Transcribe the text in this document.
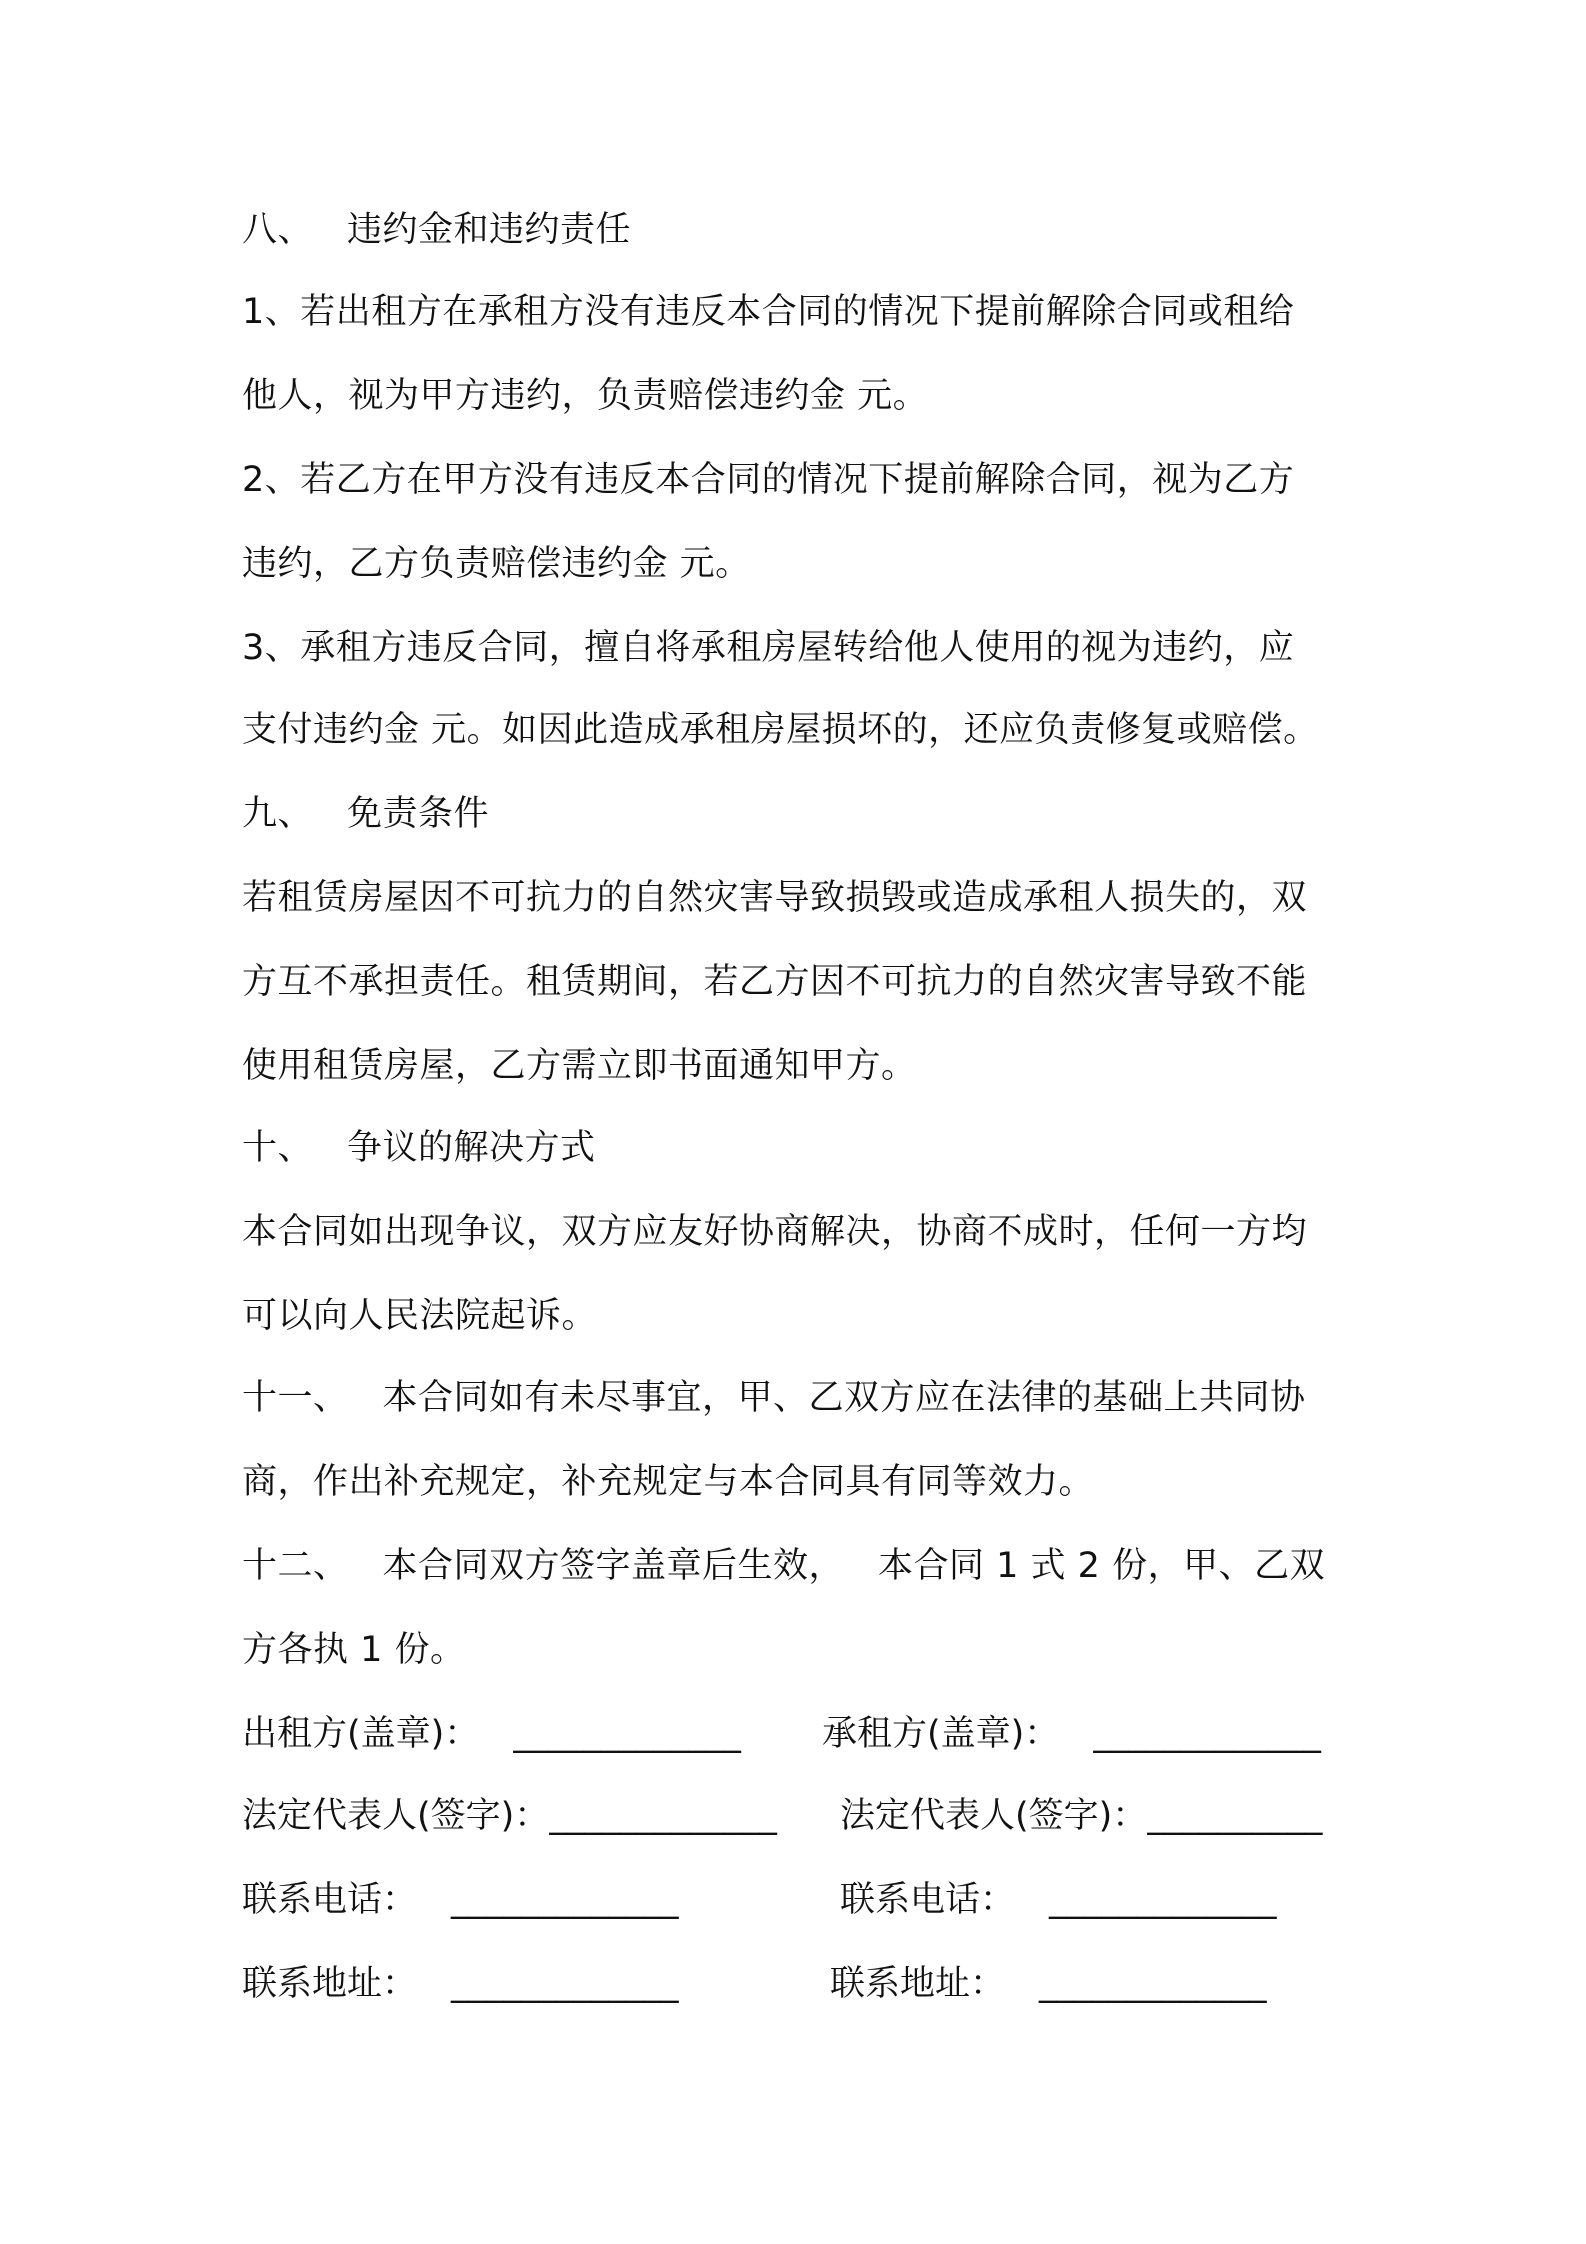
八、 违约金和违约责任
1、若出租方在承租方没有违反本合同的情况下提前解除合同或租给
他人，视为甲方违约，负责赔偿违约金 元。
2、若乙方在甲方没有违反本合同的情况下提前解除合同，视为乙方
违约，乙方负责赔偿违约金 元。
3、承租方违反合同，擅自将承租房屋转给他人使用的视为违约，应
支付违约金 元。如因此造成承租房屋损坏的，还应负责修复或赔偿。
九、 免责条件
若租赁房屋因不可抗力的自然灾害导致损毁或造成承租人损失的，双
方互不承担责任。租赁期间，若乙方因不可抗力的自然灾害导致不能
使用租赁房屋，乙方需立即书面通知甲方。
十、 争议的解决方式
本合同如出现争议，双方应友好协商解决，协商不成时，任何一方均
可以向人民法院起诉。
十一、 本合同如有未尽事宜，甲、乙双方应在法律的基础上共同协
商，作出补充规定，补充规定与本合同具有同等效力。
十二、 本合同双方签字盖章后生效， 本合同 1 式 2 份，甲、乙双
方各执 1 份。
出租方(盖章)： _____________ 承租方(盖章)： _____________
法定代表人(签字)：_____________ 法定代表人(签字)：__________
联系电话： _____________	联系电话： _____________
联系地址： _____________	联系地址： _____________
